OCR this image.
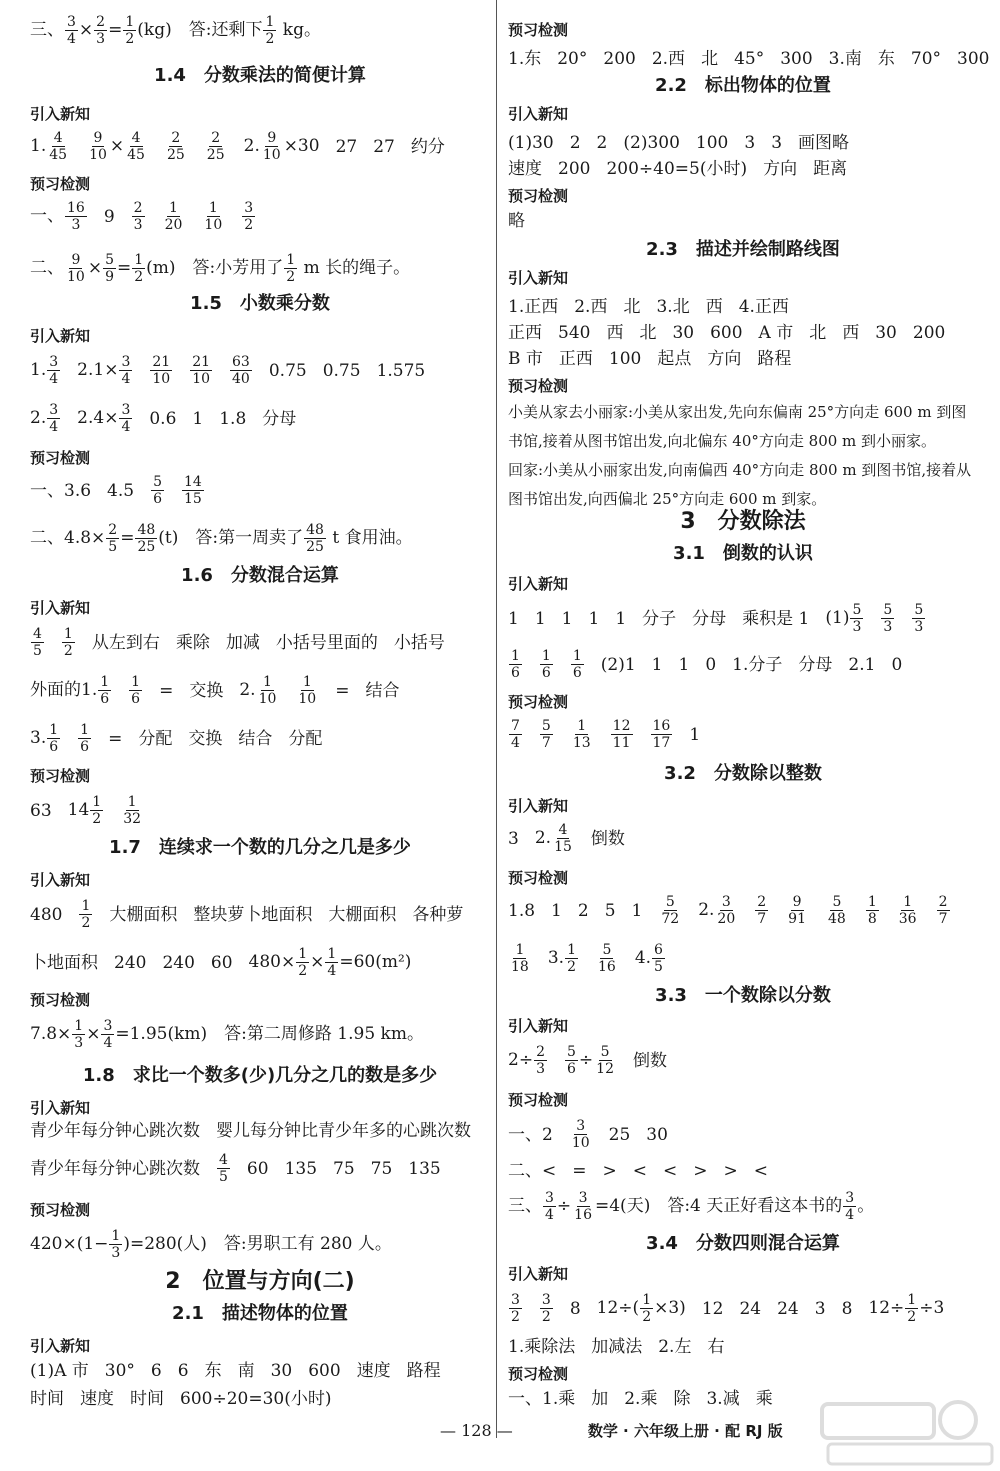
三、 $\frac{3}{4} \times \frac{2}{3} = \frac{1}{2} (kg)$　答:还剩下 $\frac{1}{2}$ kg。
1.4　分数乘法的简便计算
引入新知
1. $\frac{4}{45} \frac{9}{10} \times \frac{4}{45} \frac{2}{25} \frac{2}{25} 2$. $\frac{9}{10} \times 30$ 27 27 约分
预习检测
一、 $\frac{16}{3} 9 \frac{2}{3} \frac{1}{20} \frac{1}{10} \frac{3}{2}$
二、 $\frac{9}{10} \times \frac{5}{9} = \frac{1}{2} (m)$　答:小芳用了 $\frac{1}{2}$ m 长的绳子。
1.5　小数乘分数
引入新知
1. $\frac{3}{4} 2.1\times \frac{3}{4} \frac{21}{10} \frac{21}{10} \frac{63}{40} 0.75$ 0.75 1.575
2. $\frac{3}{4} 2.4\times \frac{3}{4} 0.6$ 1 1.8 分母
预习检测
一、3.6 $4.5 \frac{5}{6} \frac{14}{15}$
二、$4.8\times \frac{2}{5} = \frac{48}{25} (t)$　答:第一周卖了 $\frac{48}{25}$ t 食用油。
1.6　分数混合运算
引入新知
$\frac{4}{5} \frac{1}{2}$ 从左到右 乘除 加减 小括号里面的 小括号
外面的1. $\frac{1}{6} \frac{1}{6}$ = 交换 2. $\frac{1}{10} \frac{1}{10}$ = 结合
3. $\frac{1}{6} \frac{1}{6}$ = 分配 交换 结合 分配
预习检测
63 $14 \frac{1}{2} \frac{1}{32}$
1.7　连续求一个数的几分之几是多少
引入新知
$480 \frac{1}{2}$ 大棚面积 整块萝卜地面积 大棚面积 各种萝
卜地面积 240 240 60 $480\times \frac{1}{2} \times \frac{1}{4} =60(m^2)$
预习检测
$7.8\times \frac{1}{3} \times \frac{3}{4} =1.95(km)$　答:第二周修路 1.95 km。
1.8　求比一个数多(少)几分之几的数是多少
引入新知
青少年每分钟心跳次数 婴儿每分钟比青少年多的心跳次数
青少年每分钟心跳次数 $\frac{4}{5} 60$ 135 75 75 135
预习检测
$420\times(1- \frac{1}{3} )=280$(人)　答:男职工有 280 人。
2　位置与方向(二)
2.1　描述物体的位置
引入新知
(1)A 市 30° 6 6 东 南 30 600 速度 路程
时间 速度 时间 600÷20=30(小时)
预习检测
1.东 20° 200 2.西 北 45° 300 3.南 东 70° 300
2.2　标出物体的位置
引入新知
(1)30 2 2 (2)300 100 3 3 画图略
速度 200 200÷40=5(小时) 方向 距离
预习检测
略
2.3　描述并绘制路线图
引入新知
1.正西 2.西 北 3.北 西 4.正西
正西 540 西 北 30 600 A 市 北 西 30 200
B 市 正西 100 起点 方向 路程
预习检测
小美从家去小丽家:小美从家出发,先向东偏南 25°方向走 600 m 到图书馆,接着从图书馆出发,向北偏东 40°方向走 800 m 到小丽家。
回家:小美从小丽家出发,向南偏西 40°方向走 800 m 到图书馆,接着从图书馆出发,向西偏北 25°方向走 600 m 到家。
3　分数除法
3.1　倒数的认识
引入新知
1 1 1 1 1 分子 分母 乘积是 1 $(1) \frac{5}{3} \frac{5}{3} \frac{5}{3}$
$\frac{1}{6} \frac{1}{6} \frac{1}{6} (2)1$ 1 1 0 1.分子 分母 2.1 0
预习检测
$\frac{7}{4} \frac{5}{7} \frac{1}{13} \frac{12}{11} \frac{16}{17} 1$
3.2　分数除以整数
引入新知
3 2. $\frac{4}{15}$ 倒数
预习检测
1.8 1 2 5 $1 \frac{5}{72} 2$. $\frac{3}{20} \frac{2}{7} \frac{9}{91} \frac{5}{48} \frac{1}{8} \frac{1}{36} \frac{2}{7}$
$\frac{1}{18} 3$. $\frac{1}{2} \frac{5}{16} 4$. $\frac{6}{5}$
3.3　一个数除以分数
引入新知
$2\div \frac{2}{3} \frac{5}{6} \div \frac{5}{12}$ 倒数
预习检测
一、$2 \frac{3}{10} 25$ 30
二、< = > < < > > <
三、 $\frac{3}{4} \div \frac{3}{16} =4$(天)　答:4 天正好看这本书的 $\frac{3}{4}$ 。
3.4　分数四则混合运算
引入新知
$\frac{3}{2} \frac{3}{2} 8$ $12\div( \frac{1}{2} \times 3)$ 12 24 24 3 8 $12\div \frac{1}{2} \div 3$
1.乘除法 加减法 2.左 右
预习检测
一、1.乘 加 2.乘 除 3.减 乘
— 128 —	数学 · 六年级上册 · 配 RJ 版
